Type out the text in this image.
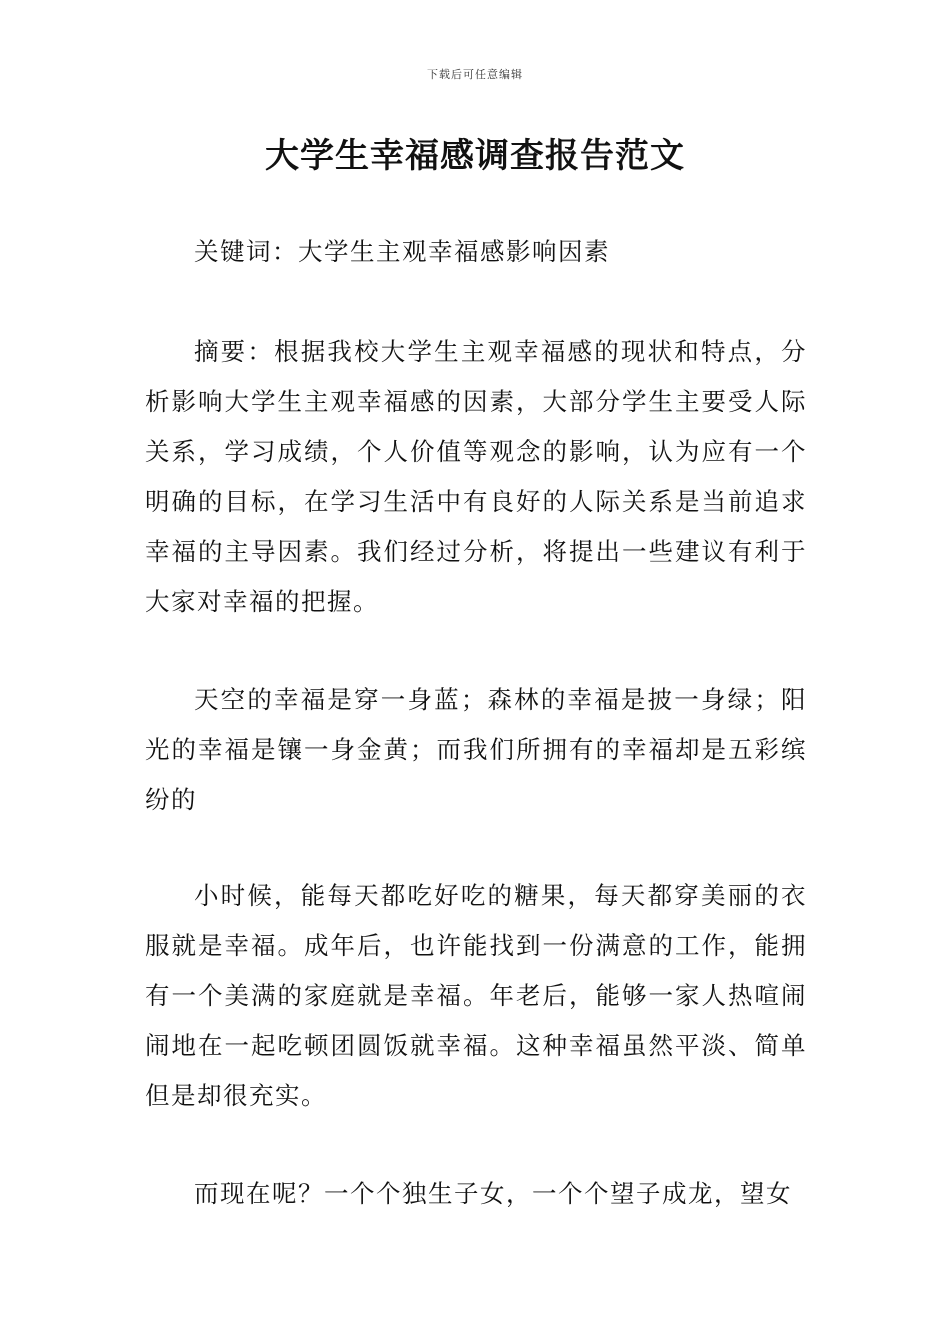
下载后可任意编辑
大学生幸福感调查报告范文

关键词：大学生主观幸福感影响因素

摘要：根据我校大学生主观幸福感的现状和特点，分析影响大学生主观幸福感的因素，大部分学生主要受人际关系，学习成绩，个人价值等观念的影响，认为应有一个明确的目标，在学习生活中有良好的人际关系是当前追求幸福的主导因素。我们经过分析，将提出一些建议有利于大家对幸福的把握。

天空的幸福是穿一身蓝；森林的幸福是披一身绿；阳光的幸福是镶一身金黄；而我们所拥有的幸福却是五彩缤纷的

小时候，能每天都吃好吃的糖果，每天都穿美丽的衣服就是幸福。成年后，也许能找到一份满意的工作，能拥有一个美满的家庭就是幸福。年老后，能够一家人热喧闹闹地在一起吃顿团圆饭就幸福。这种幸福虽然平淡、简单但是却很充实。

而现在呢？一个个独生子女，一个个望子成龙，望女
